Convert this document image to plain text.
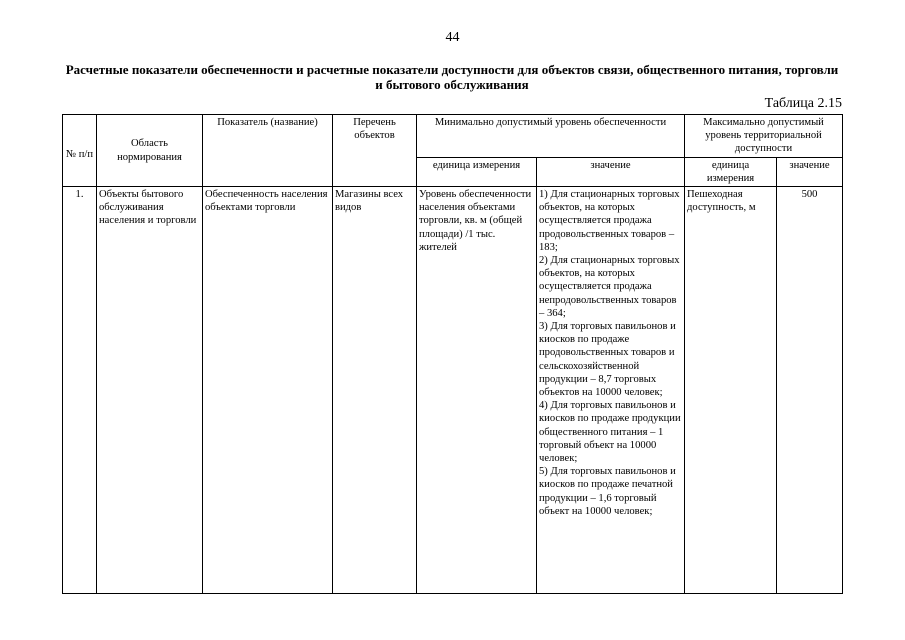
44
Расчетные показатели обеспеченности и расчетные показатели доступности для объектов связи, общественного питания, торговли и бытового обслуживания
Таблица 2.15
№ п/п	Область нормирования	Показатель (название)	Перечень объектов	Минимально допустимый уровень обеспеченности		Максимально допустимый уровень территориальной доступности	
				единица измерения	значение	единица измерения	значение
1.	Объекты бытового обслуживания населения и торговли	Обеспеченность населения объектами торговли	Магазины всех видов	Уровень обеспеченности населения объектами торговли, кв. м (общей площади) /1 тыс. жителей	1) Для стационарных торговых объектов, на которых осуществляется продажа продовольственных товаров – 183;
2) Для стационарных торговых объектов, на которых осуществляется продажа непродовольственных товаров – 364;
3) Для торговых павильонов и киосков по продаже продовольственных товаров и сельскохозяйственной продукции – 8,7 торговых объектов на 10000 человек;
4) Для торговых павильонов и киосков по продаже продукции общественного питания – 1 торговый объект на 10000 человек;
5) Для торговых павильонов и киосков по продаже печатной продукции – 1,6 торговый объект на 10000 человек;	Пешеходная доступность, м	500
